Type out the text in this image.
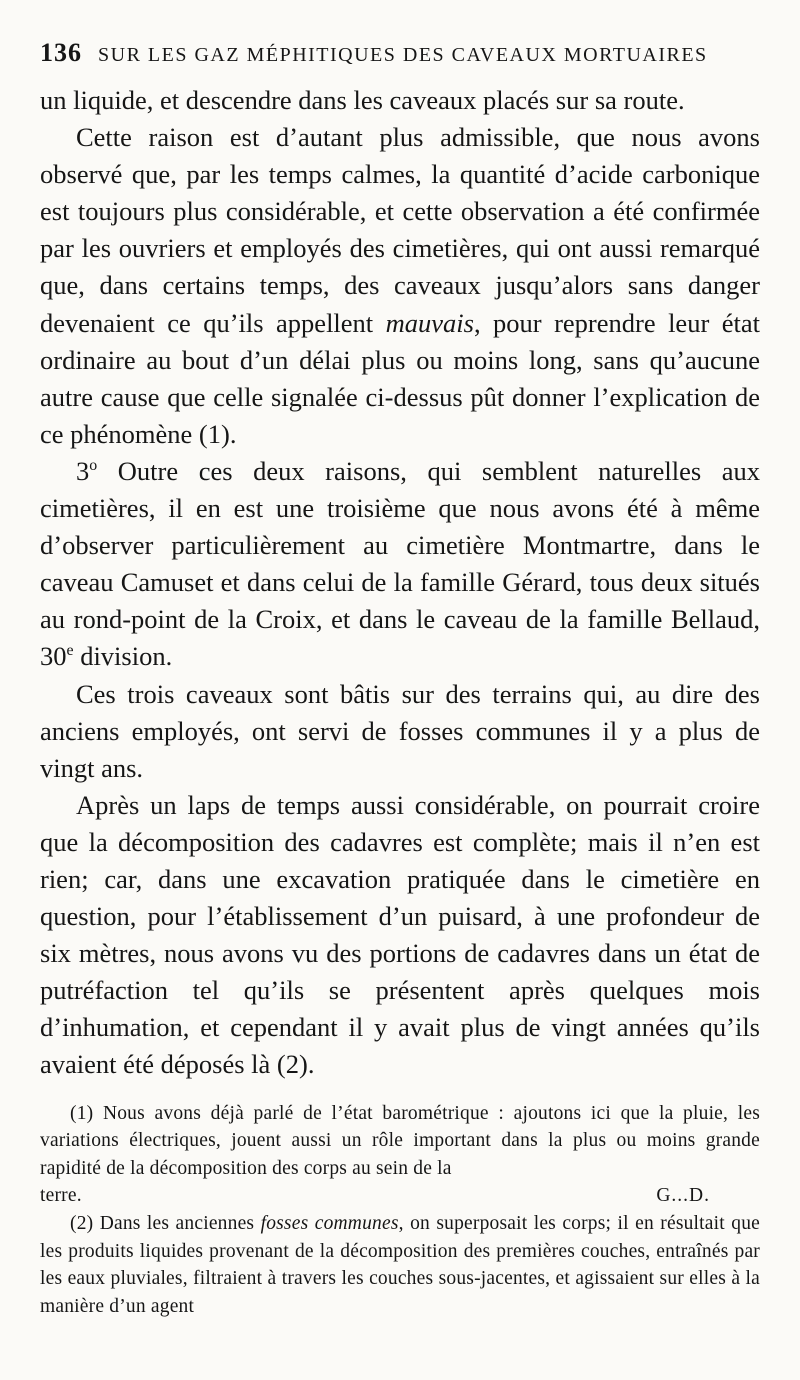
136 SUR LES GAZ MÉPHITIQUES DES CAVEAUX MORTUAIRES

un liquide, et descendre dans les caveaux placés sur sa route.

Cette raison est d’autant plus admissible, que nous avons observé que, par les temps calmes, la quantité d’acide carbonique est toujours plus considérable, et cette observation a été confirmée par les ouvriers et employés des cimetières, qui ont aussi remarqué que, dans certains temps, des caveaux jusqu’alors sans danger devenaient ce qu’ils appellent mauvais, pour reprendre leur état ordinaire au bout d’un délai plus ou moins long, sans qu’aucune autre cause que celle signalée ci-dessus pût donner l’explication de ce phénomène (1).

3$^o$ Outre ces deux raisons, qui semblent naturelles aux cimetières, il en est une troisième que nous avons été à même d’observer particulièrement au cimetière Montmartre, dans le caveau Camuset et dans celui de la famille Gérard, tous deux situés au rond-point de la Croix, et dans le caveau de la famille Bellaud, 30e division.

Ces trois caveaux sont bâtis sur des terrains qui, au dire des anciens employés, ont servi de fosses communes il y a plus de vingt ans.

Après un laps de temps aussi considérable, on pourrait croire que la décomposition des cadavres est complète; mais il n’en est rien; car, dans une excavation pratiquée dans le cimetière en question, pour l’établissement d’un puisard, à une profondeur de six mètres, nous avons vu des portions de cadavres dans un état de putréfaction tel qu’ils se présentent après quelques mois d’inhumation, et cependant il y avait plus de vingt années qu’ils avaient été déposés là (2).

(1) Nous avons déjà parlé de l’état barométrique : ajoutons ici que la pluie, les variations électriques, jouent aussi un rôle important dans la plus ou moins grande rapidité de la décomposition des corps au sein de la

terre.	G...D.

(2) Dans les anciennes fosses communes, on superposait les corps; il en résultait que les produits liquides provenant de la décomposition des premières couches, entraînés par les eaux pluviales, filtraient à travers les couches sous-jacentes, et agissaient sur elles à la manière d’un agent
